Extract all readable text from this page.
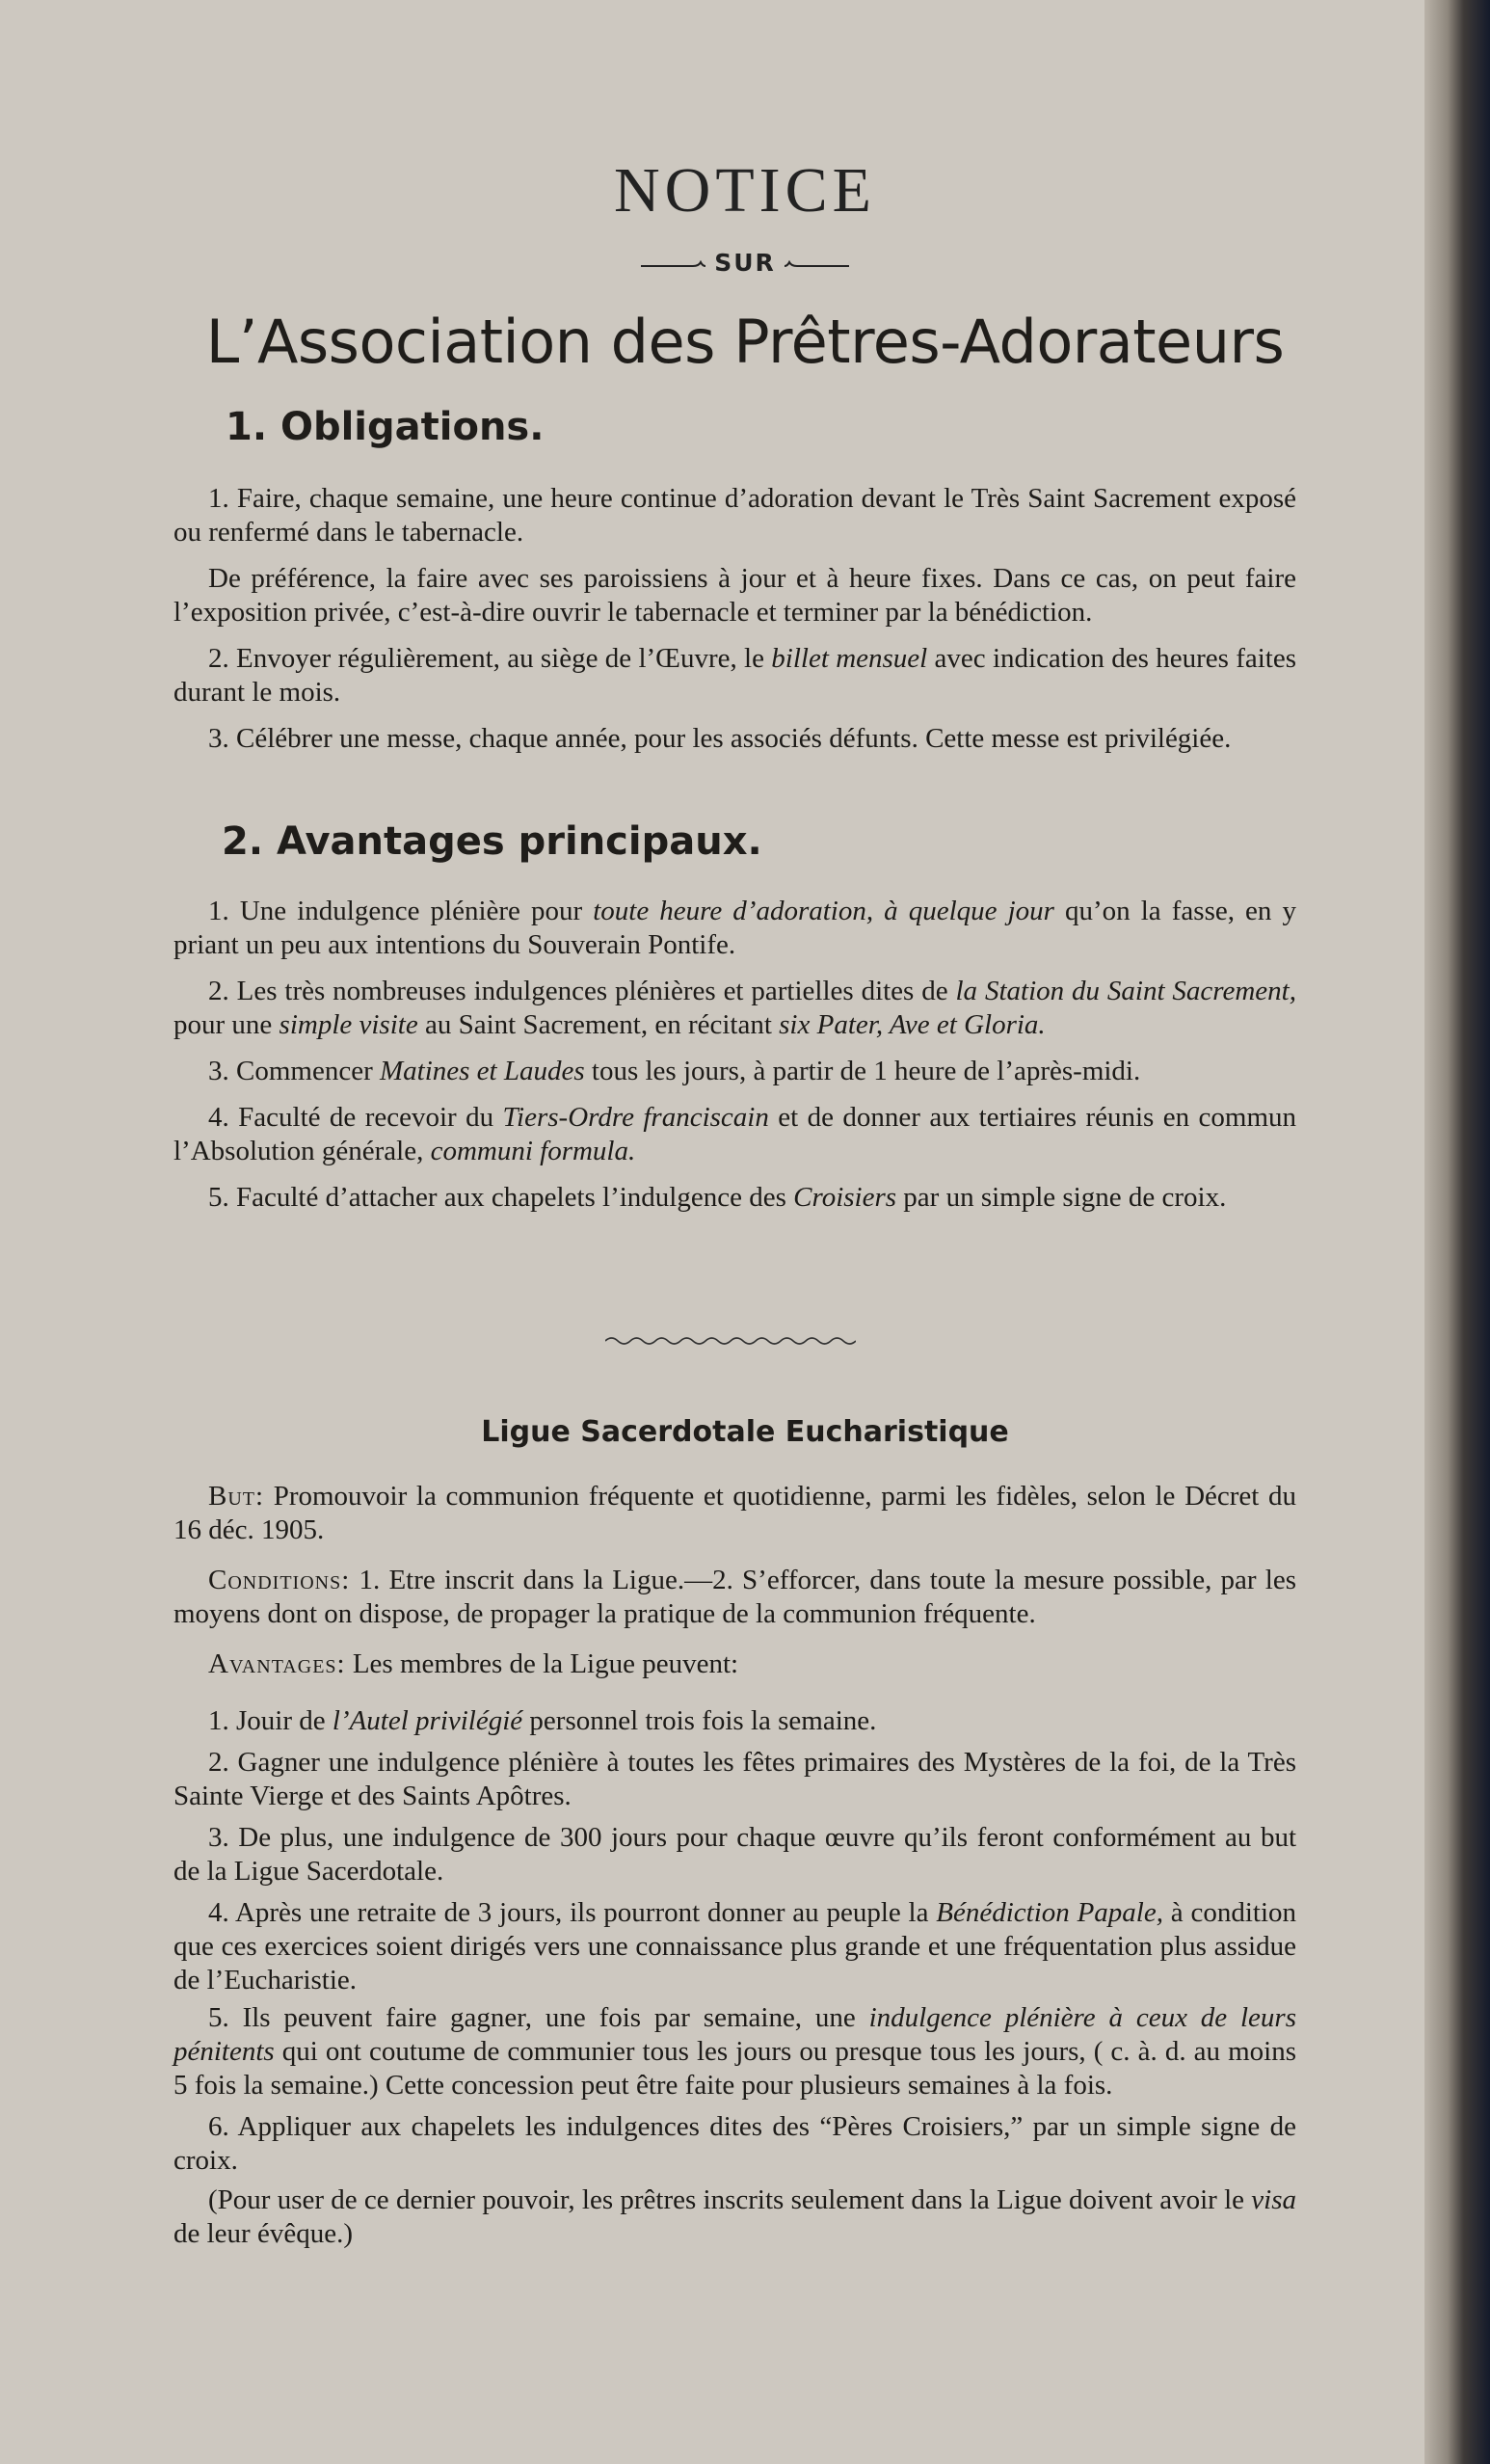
NOTICE
SUR
L’Association des Prêtres-Adorateurs
1. Obligations.

1. Faire, chaque semaine, une heure continue d’adoration devant le Très Saint Sacrement exposé ou renfermé dans le tabernacle.

De préférence, la faire avec ses paroissiens à jour et à heure fixes. Dans ce cas, on peut faire l’exposition privée, c’est-à-dire ouvrir le tabernacle et terminer par la bénédiction.

2. Envoyer régulièrement, au siège de l’Œuvre, le billet mensuel avec indication des heures faites durant le mois.

3. Célébrer une messe, chaque année, pour les associés défunts. Cette messe est privilégiée.

2. Avantages principaux.

1. Une indulgence plénière pour toute heure d’adoration, à quelque jour qu’on la fasse, en y priant un peu aux intentions du Souverain Pontife.

2. Les très nombreuses indulgences plénières et partielles dites de la Station du Saint Sacrement, pour une simple visite au Saint Sacrement, en récitant six Pater, Ave et Gloria.

3. Commencer Matines et Laudes tous les jours, à partir de 1 heure de l’après-midi.

4. Faculté de recevoir du Tiers-Ordre franciscain et de donner aux tertiaires réunis en commun l’Absolution générale, communi formula.

5. Faculté d’attacher aux chapelets l’indulgence des Croisiers par un simple signe de croix.

Ligue Sacerdotale Eucharistique

But: Promouvoir la communion fréquente et quotidienne, parmi les fidèles, selon le Décret du 16 déc. 1905.

Conditions: 1. Etre inscrit dans la Ligue.—2. S’efforcer, dans toute la mesure possible, par les moyens dont on dispose, de propager la pratique de la communion fréquente.

Avantages: Les membres de la Ligue peuvent:

1. Jouir de l’Autel privilégié personnel trois fois la semaine.

2. Gagner une indulgence plénière à toutes les fêtes primaires des Mystères de la foi, de la Très Sainte Vierge et des Saints Apôtres.

3. De plus, une indulgence de 300 jours pour chaque œuvre qu’ils feront conformément au but de la Ligue Sacerdotale.

4. Après une retraite de 3 jours, ils pourront donner au peuple la Bénédiction Papale, à condition que ces exercices soient dirigés vers une connaissance plus grande et une fréquentation plus assidue de l’Eucharistie.

5. Ils peuvent faire gagner, une fois par semaine, une indulgence plénière à ceux de leurs pénitents qui ont coutume de communier tous les jours ou presque tous les jours, ( c. à. d. au moins 5 fois la semaine.) Cette concession peut être faite pour plusieurs semaines à la fois.

6. Appliquer aux chapelets les indulgences dites des “Pères Croisiers,” par un simple signe de croix.

(Pour user de ce dernier pouvoir, les prêtres inscrits seulement dans la Ligue doivent avoir le visa de leur évêque.)
